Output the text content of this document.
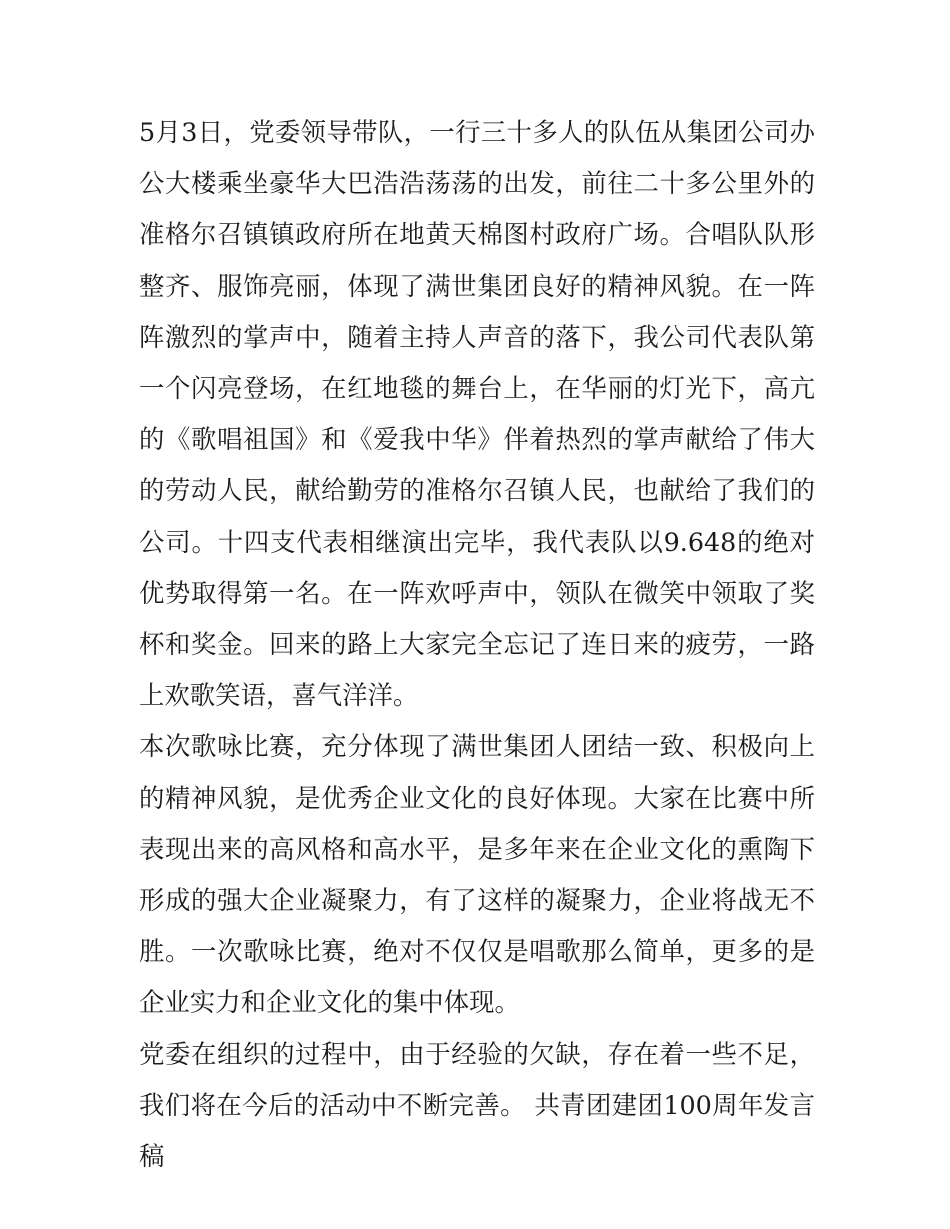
5月3日，党委领导带队，一行三十多人的队伍从集团公司办公大楼乘坐豪华大巴浩浩荡荡的出发，前往二十多公里外的准格尔召镇镇政府所在地黄天棉图村政府广场。合唱队队形整齐、服饰亮丽，体现了满世集团良好的精神风貌。在一阵阵激烈的掌声中，随着主持人声音的落下，我公司代表队第一个闪亮登场，在红地毯的舞台上，在华丽的灯光下，高亢的《歌唱祖国》和《爱我中华》伴着热烈的掌声献给了伟大的劳动人民，献给勤劳的准格尔召镇人民，也献给了我们的公司。十四支代表相继演出完毕，我代表队以9.648的绝对优势取得第一名。在一阵欢呼声中，领队在微笑中领取了奖杯和奖金。回来的路上大家完全忘记了连日来的疲劳，一路上欢歌笑语，喜气洋洋。

本次歌咏比赛，充分体现了满世集团人团结一致、积极向上的精神风貌，是优秀企业文化的良好体现。大家在比赛中所表现出来的高风格和高水平，是多年来在企业文化的熏陶下形成的强大企业凝聚力，有了这样的凝聚力，企业将战无不胜。一次歌咏比赛，绝对不仅仅是唱歌那么简单，更多的是企业实力和企业文化的集中体现。

党委在组织的过程中，由于经验的欠缺，存在着一些不足，我们将在今后的活动中不断完善。 共青团建团100周年发言稿
